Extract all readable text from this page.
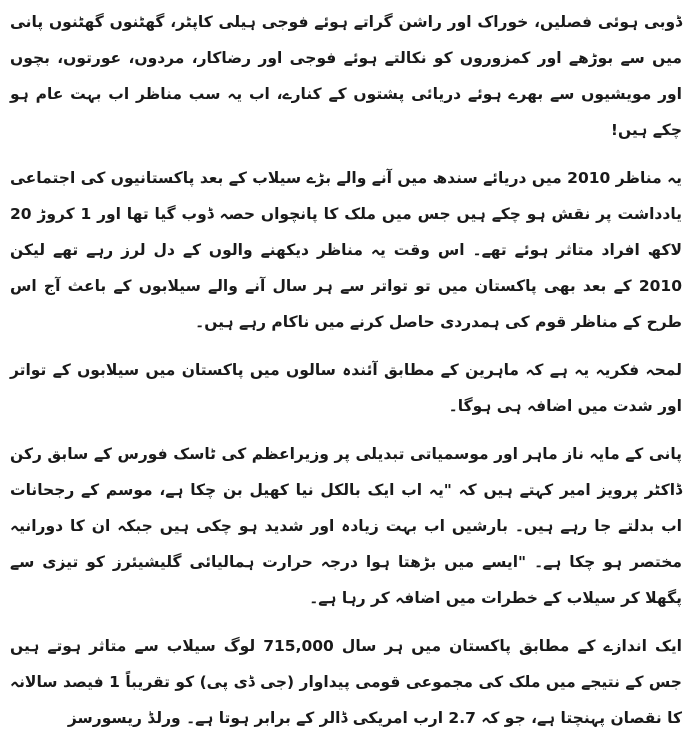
ڈوبی ہوئی فصلیں، خوراک اور راشن گراتے ہوئے فوجی ہیلی کاپٹر، گھٹنوں گھٹنوں پانی میں سے بوڑھے اور کمزوروں کو نکالتے ہوئے فوجی اور رضاکار، مردوں، عورتوں، بچوں اور مویشیوں سے بھرے ہوئے دریائی پشتوں کے کنارے، اب یہ سب مناظر اب بہت عام ہو چکے ہیں!

یہ مناظر 2010 میں دریائے سندھ میں آنے والے بڑے سیلاب کے بعد پاکستانیوں کی اجتماعی یادداشت پر نقش ہو چکے ہیں جس میں ملک کا پانچواں حصہ ڈوب گیا تھا اور 1 کروڑ 20 لاکھ افراد متاثر ہوئے تھے۔ اس وقت یہ مناظر دیکھنے والوں کے دل لرز رہے تھے لیکن 2010 کے بعد بھی پاکستان میں تو تواتر سے ہر سال آنے والے سیلابوں کے باعث آج اس طرح کے مناظر قوم کی ہمدردی حاصل کرنے میں ناکام رہے ہیں۔

لمحہ فکریہ یہ ہے کہ ماہرین کے مطابق آئندہ سالوں میں پاکستان میں سیلابوں کے تواتر اور شدت میں اضافہ ہی ہوگا۔

پانی کے مایہ ناز ماہر اور موسمیاتی تبدیلی پر وزیراعظم کی ٹاسک فورس کے سابق رکن ڈاکٹر پرویز امیر کہتے ہیں کہ "یہ اب ایک بالکل نیا کھیل بن چکا ہے، موسم کے رجحانات اب بدلتے جا رہے ہیں۔ بارشیں اب بہت زیادہ اور شدید ہو چکی ہیں جبکہ ان کا دورانیہ مختصر ہو چکا ہے۔ "ایسے میں بڑھتا ہوا درجہ حرارت ہمالیائی گلیشیئرز کو تیزی سے پگھلا کر سیلاب کے خطرات میں اضافہ کر رہا ہے۔

ایک اندازے کے مطابق پاکستان میں ہر سال 715,000 لوگ سیلاب سے متاثر ہوتے ہیں جس کے نتیجے میں ملک کی مجموعی قومی پیداوار (جی ڈی پی) کو تقریباً 1 فیصد سالانہ کا نقصان پہنچتا ہے، جو کہ 2.7 ارب امریکی ڈالر کے برابر ہوتا ہے۔ ورلڈ ریسورسز
